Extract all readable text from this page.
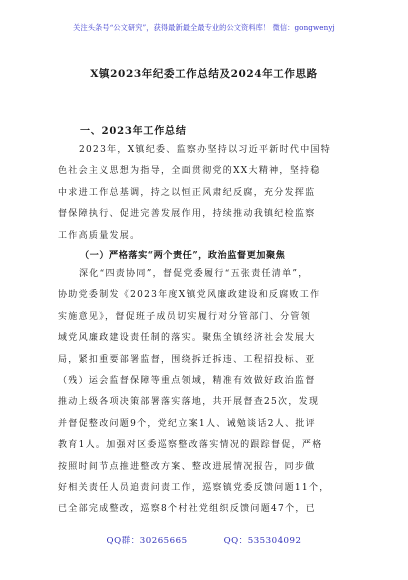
关注头条号“公文研究”，获得最新最全最专业的公文资料库！ 微信：gongwenyj
X镇2023年纪委工作总结及2024年工作思路
一、2023年工作总结

2023年，X镇纪委、监察办坚持以习近平新时代中国特
色社会主义思想为指导，全面贯彻党的XX大精神，坚持稳
中求进工作总基调，持之以恒正风肃纪反腐，充分发挥监
督保障执行、促进完善发展作用，持续推动我镇纪检监察
工作高质量发展。

（一）严格落实“两个责任”，政治监督更加聚焦

深化“四责协同”，督促党委履行“五张责任清单”，
协助党委制发《2023年度X镇党风廉政建设和反腐败工作
实施意见》，督促班子成员切实履行对分管部门、分管领
域党风廉政建设责任制的落实。聚焦全镇经济社会发展大
局，紧扣重要部署监督，围绕拆迁拆违、工程招投标、亚
（残）运会监督保障等重点领域，精准有效做好政治监督
推动上级各项决策部署落实落地，共开展督查25次，发现
并督促整改问题9个，党纪立案1人、诫勉谈话2人、批评
教育1人。加强对区委巡察整改落实情况的跟踪督促，严格
按照时间节点推进整改方案、整改进展情况报告，同步做
好相关责任人员追责问责工作，巡察镇党委反馈问题11个，
已全部完成整改，巡察8个村社党组织反馈问题47个，已

QQ群：30265665	QQ：535304092
